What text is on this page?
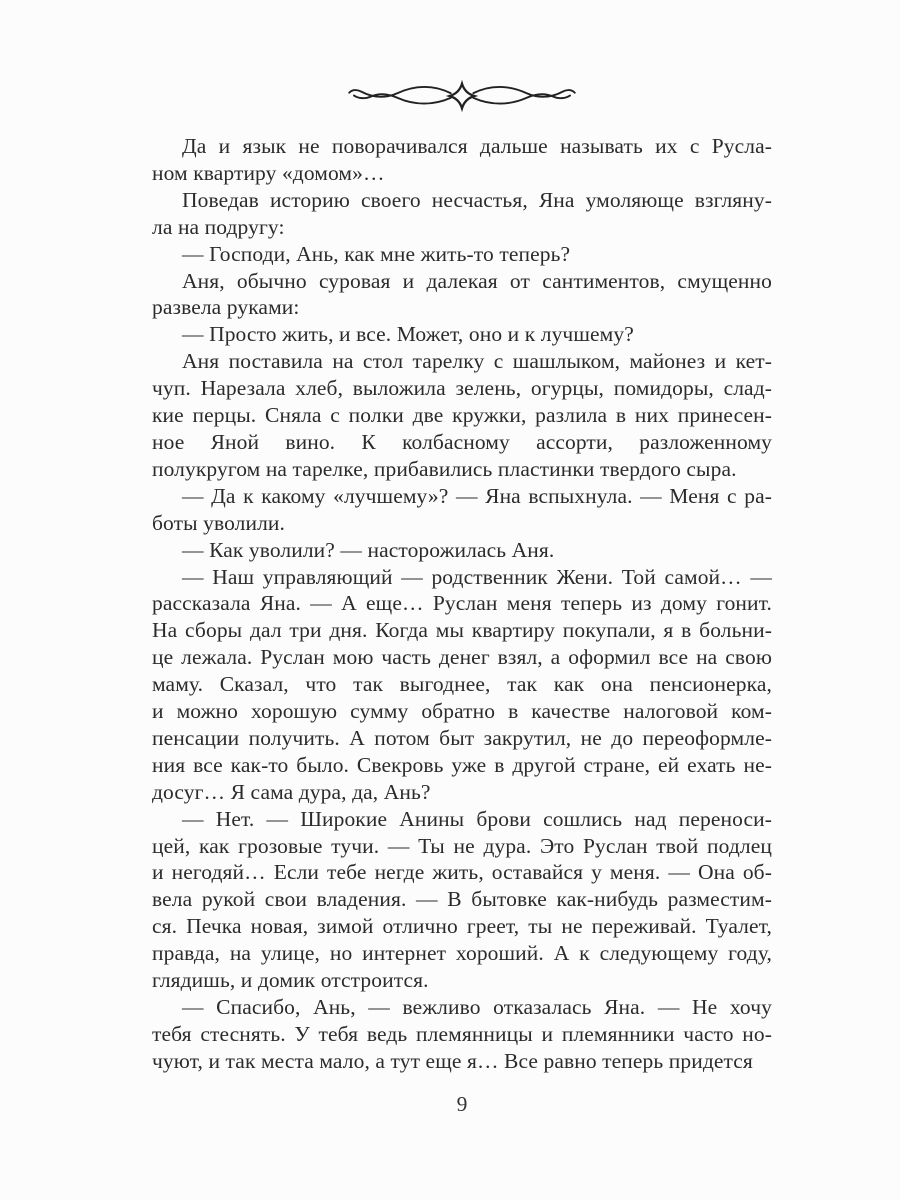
Да и язык не поворачивался дальше называть их с Русла-
ном квартиру «домом»…
Поведав историю своего несчастья, Яна умоляюще взгляну-
ла на подругу:
— Господи, Ань, как мне жить-то теперь?
Аня, обычно суровая и далекая от сантиментов, смущенно
развела руками:
— Просто жить, и все. Может, оно и к лучшему?
Аня поставила на стол тарелку с шашлыком, майонез и кет-
чуп. Нарезала хлеб, выложила зелень, огурцы, помидоры, слад-
кие перцы. Сняла с полки две кружки, разлила в них принесен-
ное Яной вино. К колбасному ассорти, разложенному
полукругом на тарелке, прибавились пластинки твердого сыра.
— Да к какому «лучшему»? — Яна вспыхнула. — Меня с ра-
боты уволили.
— Как уволили? — насторожилась Аня.
— Наш управляющий — родственник Жени. Той самой… —
рассказала Яна. — А еще… Руслан меня теперь из дому гонит.
На сборы дал три дня. Когда мы квартиру покупали, я в больни-
це лежала. Руслан мою часть денег взял, а оформил все на свою
маму. Сказал, что так выгоднее, так как она пенсионерка,
и можно хорошую сумму обратно в качестве налоговой ком-
пенсации получить. А потом быт закрутил, не до переоформле-
ния все как-то было. Свекровь уже в другой стране, ей ехать не-
досуг… Я сама дура, да, Ань?
— Нет. — Широкие Анины брови сошлись над переноси-
цей, как грозовые тучи. — Ты не дура. Это Руслан твой подлец
и негодяй… Если тебе негде жить, оставайся у меня. — Она об-
вела рукой свои владения. — В бытовке как-нибудь разместим-
ся. Печка новая, зимой отлично греет, ты не переживай. Туалет,
правда, на улице, но интернет хороший. А к следующему году,
глядишь, и домик отстроится.
— Спасибо, Ань, — вежливо отказалась Яна. — Не хочу
тебя стеснять. У тебя ведь племянницы и племянники часто но-
чуют, и так места мало, а тут еще я… Все равно теперь придется
9
